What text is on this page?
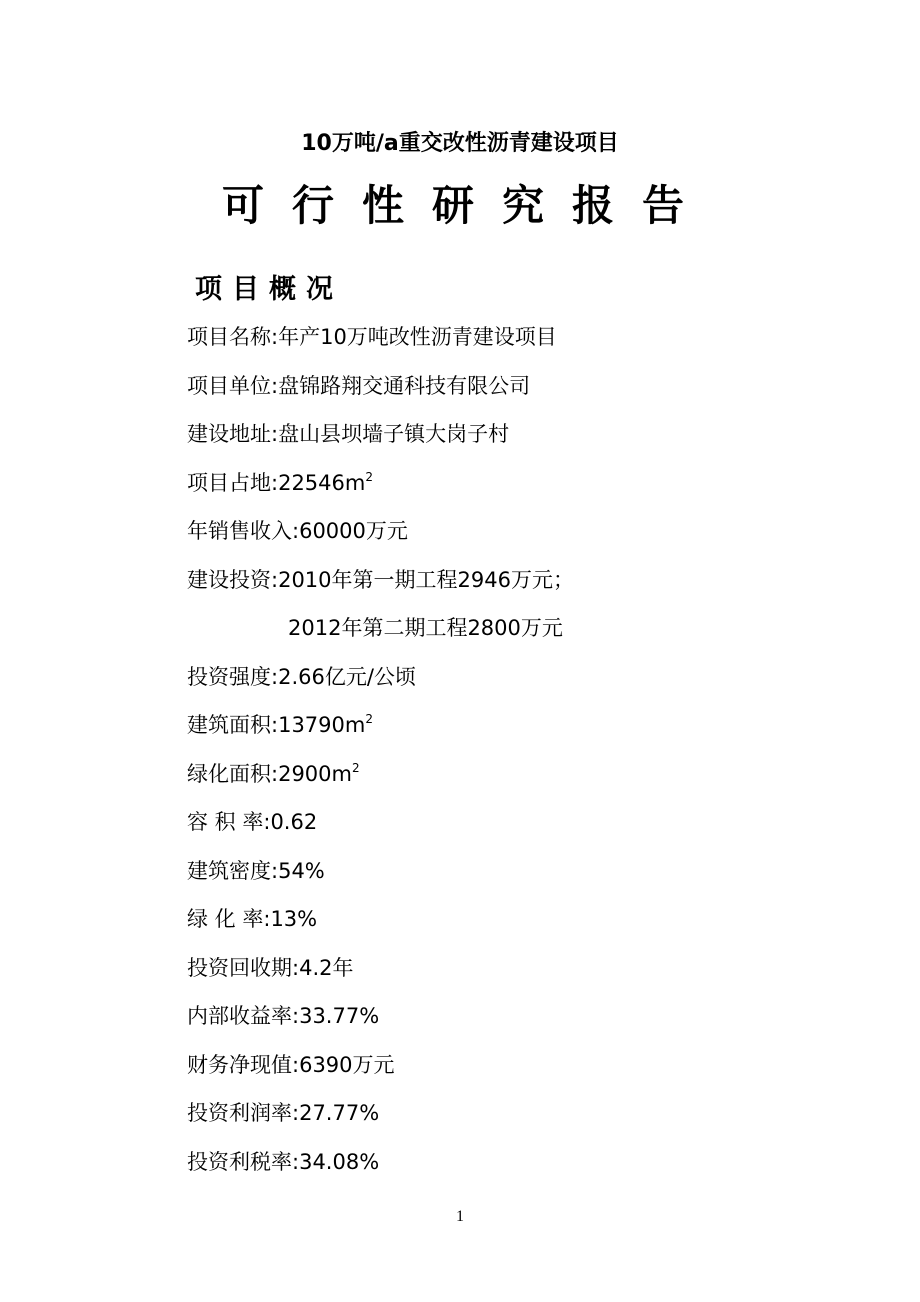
10万吨/a重交改性沥青建设项目
可行性研究报告
项目概况
项目名称:年产10万吨改性沥青建设项目
项目单位:盘锦路翔交通科技有限公司
建设地址:盘山县坝墙子镇大岗子村
项目占地$:22546m^2$
年销售收入:60000万元
建设投资:2010年第一期工程2946万元；
2012年第二期工程2800万元
投资强度:2.66亿元/公顷
建筑面积$:13790m^2$
绿化面积$:2900m^2$
容 积 率:0.62
建筑密度:54%
绿 化 率:13%
投资回收期:4.2年
内部收益率:33.77%
财务净现值:6390万元
投资利润率:27.77%
投资利税率:34.08%
1
